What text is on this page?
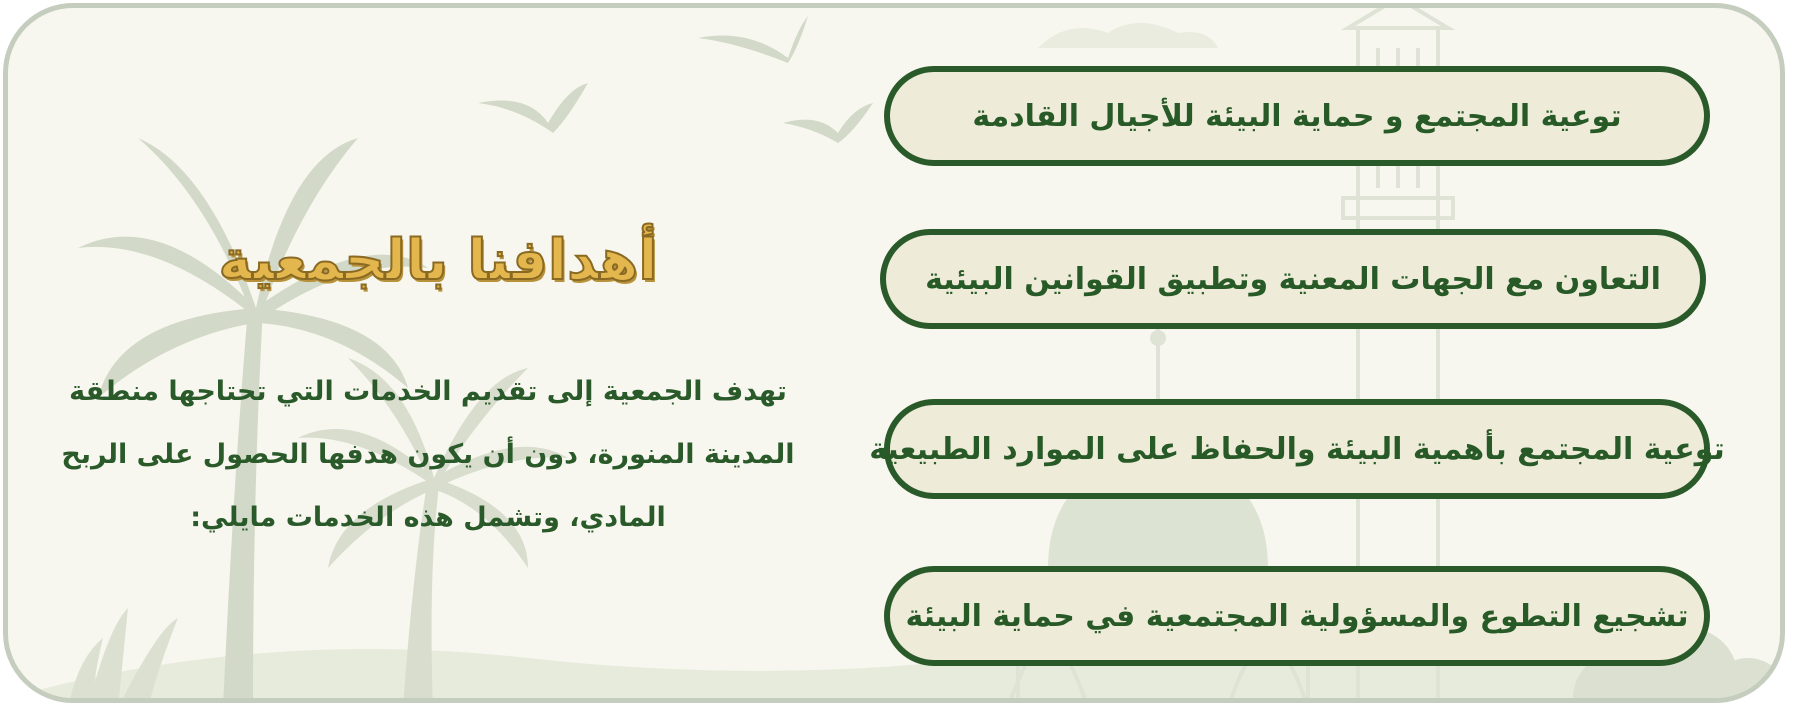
توعية المجتمع و حماية البيئة للأجيال القادمة
التعاون مع الجهات المعنية وتطبيق القوانين البيئية
توعية المجتمع بأهمية البيئة والحفاظ على الموارد الطبيعية
تشجيع التطوع والمسؤولية المجتمعية في حماية البيئة
أهدافنا بالجمعية
تهدف الجمعية إلى تقديم الخدمات التي تحتاجها منطقة المدينة المنورة، دون أن يكون هدفها الحصول على الربح المادي، وتشمل هذه الخدمات مايلي:
